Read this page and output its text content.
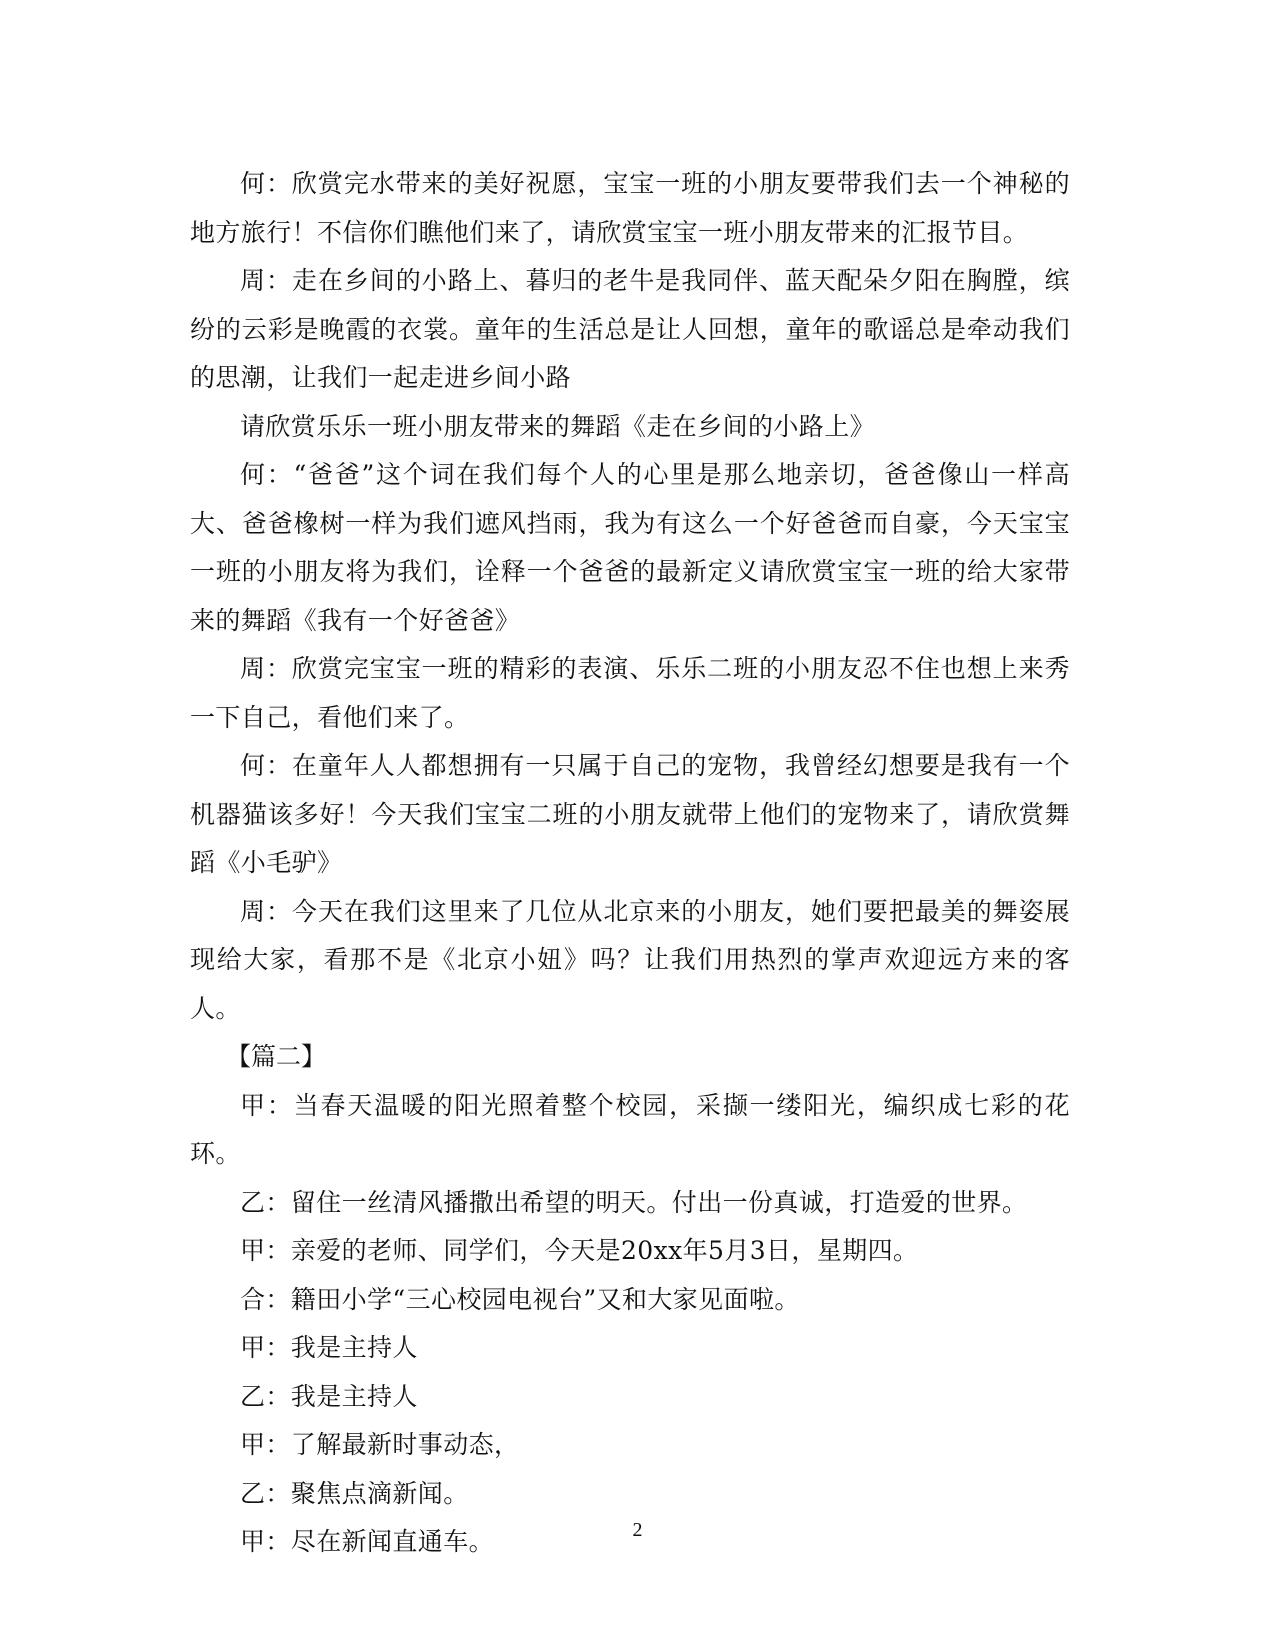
何：欣赏完水带来的美好祝愿，宝宝一班的小朋友要带我们去一个神秘的地方旅行！不信你们瞧他们来了，请欣赏宝宝一班小朋友带来的汇报节目。

周：走在乡间的小路上、暮归的老牛是我同伴、蓝天配朵夕阳在胸膛，缤纷的云彩是晚霞的衣裳。童年的生活总是让人回想，童年的歌谣总是牵动我们的思潮，让我们一起走进乡间小路

请欣赏乐乐一班小朋友带来的舞蹈《走在乡间的小路上》

何：“爸爸”这个词在我们每个人的心里是那么地亲切，爸爸像山一样高大、爸爸橡树一样为我们遮风挡雨，我为有这么一个好爸爸而自豪，今天宝宝一班的小朋友将为我们，诠释一个爸爸的最新定义请欣赏宝宝一班的给大家带来的舞蹈《我有一个好爸爸》

周：欣赏完宝宝一班的精彩的表演、乐乐二班的小朋友忍不住也想上来秀一下自己，看他们来了。

何：在童年人人都想拥有一只属于自己的宠物，我曾经幻想要是我有一个机器猫该多好！今天我们宝宝二班的小朋友就带上他们的宠物来了，请欣赏舞蹈《小毛驴》

周：今天在我们这里来了几位从北京来的小朋友，她们要把最美的舞姿展现给大家，看那不是《北京小妞》吗？让我们用热烈的掌声欢迎远方来的客人。

【篇二】

甲：当春天温暖的阳光照着整个校园，采撷一缕阳光，编织成七彩的花环。

乙：留住一丝清风播撒出希望的明天。付出一份真诚，打造爱的世界。

甲：亲爱的老师、同学们，今天是20xx年5月3日，星期四。

合：籍田小学“三心校园电视台”又和大家见面啦。

甲：我是主持人

乙：我是主持人

甲：了解最新时事动态，

乙：聚焦点滴新闻。

甲：尽在新闻直通车。	2
